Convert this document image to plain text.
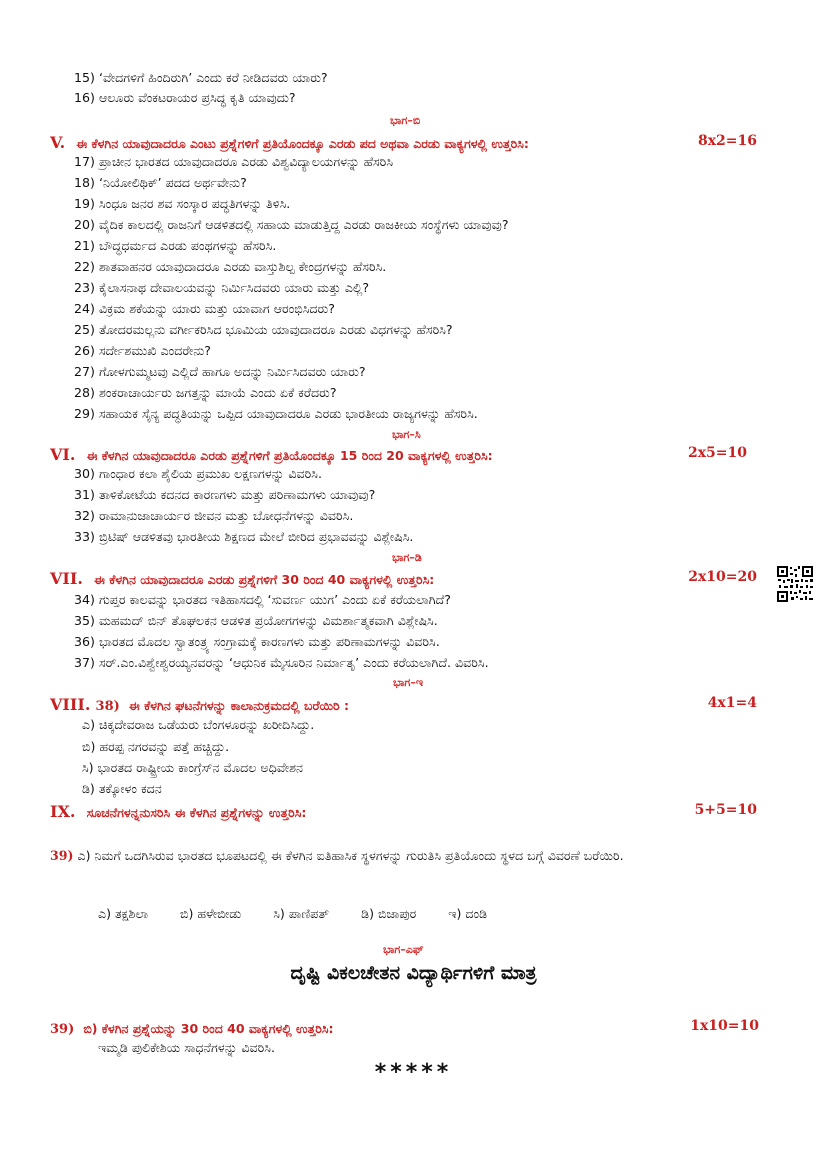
15) ‘ವೇದಗಳಿಗೆ ಹಿಂದಿರುಗಿ’ ಎಂದು ಕರೆ ನೀಡಿದವರು ಯಾರು?
16) ಆಲೂರು ವೆಂಕಟರಾಯರ ಪ್ರಸಿದ್ಧ ಕೃತಿ ಯಾವುದು?
ಭಾಗ–ಬಿ
V. ಈ ಕೆಳಗಿನ ಯಾವುದಾದರೂ ಎಂಟು ಪ್ರಶ್ನೆಗಳಿಗೆ ಪ್ರತಿಯೊಂದಕ್ಕೂ ಎರಡು ಪದ ಅಥವಾ ಎರಡು ವಾಕ್ಯಗಳಲ್ಲಿ ಉತ್ತರಿಸಿ:	8x2=16
17) ಪ್ರಾಚೀನ ಭಾರತದ ಯಾವುದಾದರೂ ಎರಡು ವಿಶ್ವವಿದ್ಯಾಲಯಗಳನ್ನು ಹೆಸರಿಸಿ
18) ‘ನಿಯೋಲಿಥಿಕ್’ ಪದದ ಅರ್ಥವೇನು?
19) ಸಿಂಧೂ ಜನರ ಶವ ಸಂಸ್ಕಾರ ಪದ್ಧತಿಗಳನ್ನು ತಿಳಿಸಿ.
20) ವೈದಿಕ ಕಾಲದಲ್ಲಿ ರಾಜನಿಗೆ ಆಡಳಿತದಲ್ಲಿ ಸಹಾಯ ಮಾಡುತ್ತಿದ್ದ ಎರಡು ರಾಜಕೀಯ ಸಂಸ್ಥೆಗಳು ಯಾವುವು?
21) ಬೌದ್ಧಧರ್ಮದ ಎರಡು ಪಂಥಗಳನ್ನು ಹೆಸರಿಸಿ.
22) ಶಾತವಾಹನರ ಯಾವುದಾದರೂ ಎರಡು ವಾಸ್ತುಶಿಲ್ಪ ಕೇಂದ್ರಗಳನ್ನು ಹೆಸರಿಸಿ.
23) ಕೈಲಾಸನಾಥ ದೇವಾಲಯವನ್ನು ನಿರ್ಮಿಸಿದವರು ಯಾರು ಮತ್ತು ಎಲ್ಲಿ?
24) ವಿಕ್ರಮ ಶಕೆಯನ್ನು ಯಾರು ಮತ್ತು ಯಾವಾಗ ಆರಂಭಿಸಿದರು?
25) ತೋದರಮಲ್ಲನು ವರ್ಗೀಕರಿಸಿದ ಭೂಮಿಯ ಯಾವುದಾದರೂ ಎರಡು ವಿಧಗಳನ್ನು ಹೆಸರಿಸಿ?
26) ಸರ್ದೇಶಮುಖಿ ಎಂದರೇನು?
27) ಗೋಳಗುಮ್ಮಟವು ಎಲ್ಲಿದೆ ಹಾಗೂ ಅದನ್ನು ನಿರ್ಮಿಸಿದವರು ಯಾರು?
28) ಶಂಕರಾಚಾರ್ಯರು ಜಗತ್ತನ್ನು ಮಾಯೆ ಎಂದು ಏಕೆ ಕರೆದರು?
29) ಸಹಾಯಕ ಸೈನ್ಯ ಪದ್ಧತಿಯನ್ನು ಒಪ್ಪಿದ ಯಾವುದಾದರೂ ಎರಡು ಭಾರತೀಯ ರಾಜ್ಯಗಳನ್ನು ಹೆಸರಿಸಿ.
ಭಾಗ–ಸಿ
VI. ಈ ಕೆಳಗಿನ ಯಾವುದಾದರೂ ಎರಡು ಪ್ರಶ್ನೆಗಳಿಗೆ ಪ್ರತಿಯೊಂದಕ್ಕೂ 15 ರಿಂದ 20 ವಾಕ್ಯಗಳಲ್ಲಿ ಉತ್ತರಿಸಿ:	2x5=10
30) ಗಾಂಧಾರ ಕಲಾ ಶೈಲಿಯ ಪ್ರಮುಖ ಲಕ್ಷಣಗಳನ್ನು ವಿವರಿಸಿ.
31) ತಾಳಿಕೋಟೆಯ ಕದನದ ಕಾರಣಗಳು ಮತ್ತು ಪರಿಣಾಮಗಳು ಯಾವುವು?
32) ರಾಮಾನುಜಾಚಾರ್ಯರ ಜೀವನ ಮತ್ತು ಬೋಧನೆಗಳನ್ನು ವಿವರಿಸಿ.
33) ಬ್ರಿಟಿಷ್ ಆಡಳಿತವು ಭಾರತೀಯ ಶಿಕ್ಷಣದ ಮೇಲೆ ಬೀರಿದ ಪ್ರಭಾವವನ್ನು ವಿಶ್ಲೇಷಿಸಿ.
ಭಾಗ–ಡಿ
VII. ಈ ಕೆಳಗಿನ ಯಾವುದಾದರೂ ಎರಡು ಪ್ರಶ್ನೆಗಳಿಗೆ 30 ರಿಂದ 40 ವಾಕ್ಯಗಳಲ್ಲಿ ಉತ್ತರಿಸಿ:	2x10=20
34) ಗುಪ್ತರ ಕಾಲವನ್ನು ಭಾರತದ ಇತಿಹಾಸದಲ್ಲಿ ‘ಸುವರ್ಣ ಯುಗ’ ಎಂದು ಏಕೆ ಕರೆಯಲಾಗಿದೆ?
35) ಮಹಮದ್ ಬಿನ್ ತೊಘಲಕನ ಆಡಳಿತ ಪ್ರಯೋಗಗಳನ್ನು ವಿಮರ್ಶಾತ್ಮಕವಾಗಿ ವಿಶ್ಲೇಷಿಸಿ.
36) ಭಾರತದ ಮೊದಲ ಸ್ವಾತಂತ್ರ್ಯ ಸಂಗ್ರಾಮಕ್ಕೆ ಕಾರಣಗಳು ಮತ್ತು ಪರಿಣಾಮಗಳನ್ನು ವಿವರಿಸಿ.
37) ಸರ್.ಎಂ.ವಿಶ್ವೇಶ್ವರಯ್ಯನವರನ್ನು ‘ಆಧುನಿಕ ಮೈಸೂರಿನ ನಿರ್ಮಾತೃ’ ಎಂದು ಕರೆಯಲಾಗಿದೆ. ವಿವರಿಸಿ.
ಭಾಗ–ಇ
VIII. 38) ಈ ಕೆಳಗಿನ ಘಟನೆಗಳನ್ನು ಕಾಲಾನುಕ್ರಮದಲ್ಲಿ ಬರೆಯಿರಿ :	4x1=4
ಎ) ಚಿಕ್ಕದೇವರಾಜ ಒಡೆಯರು ಬೆಂಗಳೂರನ್ನು ಖರೀದಿಸಿದ್ದು.
ಬಿ) ಹರಪ್ಪ ನಗರವನ್ನು ಪತ್ತೆ ಹಚ್ಚಿದ್ದು.
ಸಿ) ಭಾರತದ ರಾಷ್ಟ್ರೀಯ ಕಾಂಗ್ರೆಸ್‌ನ ಮೊದಲ ಅಧಿವೇಶನ
ಡಿ) ತಕ್ಕೋಳಂ ಕದನ
IX. ಸೂಚನೆಗಳನ್ನನುಸರಿಸಿ ಈ ಕೆಳಗಿನ ಪ್ರಶ್ನೆಗಳನ್ನು ಉತ್ತರಿಸಿ:	5+5=10
39) ಎ) ನಿಮಗೆ ಒದಗಿಸಿರುವ ಭಾರತದ ಭೂಪಟದಲ್ಲಿ ಈ ಕೆಳಗಿನ ಐತಿಹಾಸಿಕ ಸ್ಥಳಗಳನ್ನು ಗುರುತಿಸಿ ಪ್ರತಿಯೊಂದು ಸ್ಥಳದ ಬಗ್ಗೆ ವಿವರಣೆ ಬರೆಯಿರಿ.
ಎ) ತಕ್ಷಶಿಲಾ	ಬಿ) ಹಳೇಬೀಡು	ಸಿ) ಪಾಣಿಪತ್	ಡಿ) ಬಿಜಾಪುರ	ಇ) ದಂಡಿ
ಭಾಗ–ಎಫ್
ದೃಷ್ಟಿ ವಿಕಲಚೇತನ ವಿದ್ಯಾರ್ಥಿಗಳಿಗೆ ಮಾತ್ರ
39) ಬಿ) ಕೆಳಗಿನ ಪ್ರಶ್ನೆಯನ್ನು 30 ರಿಂದ 40 ವಾಕ್ಯಗಳಲ್ಲಿ ಉತ್ತರಿಸಿ:	1x10=10
ಇಮ್ಮಡಿ ಪುಲಿಕೇಶಿಯ ಸಾಧನೆಗಳನ್ನು ವಿವರಿಸಿ.
*****
